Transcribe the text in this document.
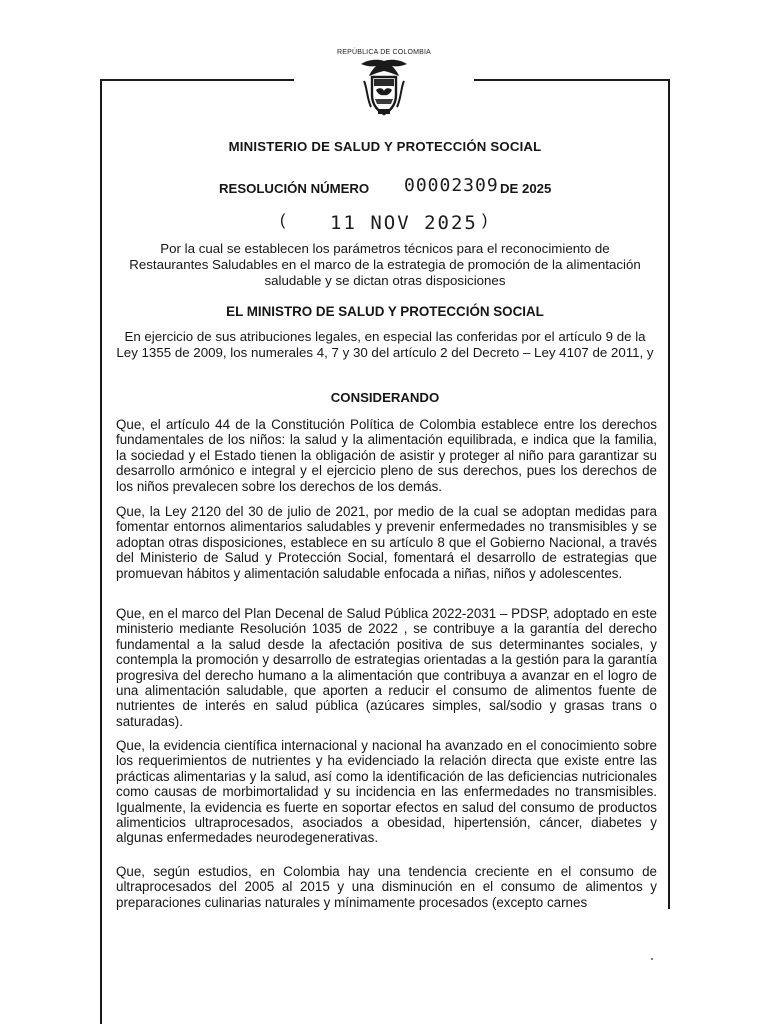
REPÚBLICA DE COLOMBIA
MINISTERIO DE SALUD Y PROTECCIÓN SOCIAL
RESOLUCIÓN NÚMERO 00002309 DE 2025
( 11 NOV 2025 )
Por la cual se establecen los parámetros técnicos para el reconocimiento de Restaurantes Saludables en el marco de la estrategia de promoción de la alimentación saludable y se dictan otras disposiciones
EL MINISTRO DE SALUD Y PROTECCIÓN SOCIAL
En ejercicio de sus atribuciones legales, en especial las conferidas por el artículo 9 de la Ley 1355 de 2009, los numerales 4, 7 y 30 del artículo 2 del Decreto – Ley 4107 de 2011, y
CONSIDERANDO

Que, el artículo 44 de la Constitución Política de Colombia establece entre los derechos fundamentales de los niños: la salud y la alimentación equilibrada, e indica que la familia, la sociedad y el Estado tienen la obligación de asistir y proteger al niño para garantizar su desarrollo armónico e integral y el ejercicio pleno de sus derechos, pues los derechos de los niños prevalecen sobre los derechos de los demás.

Que, la Ley 2120 del 30 de julio de 2021, por medio de la cual se adoptan medidas para fomentar entornos alimentarios saludables y prevenir enfermedades no transmisibles y se adoptan otras disposiciones, establece en su artículo 8 que el Gobierno Nacional, a través del Ministerio de Salud y Protección Social, fomentará el desarrollo de estrategias que promuevan hábitos y alimentación saludable enfocada a niñas, niños y adolescentes.

Que, en el marco del Plan Decenal de Salud Pública 2022-2031 – PDSP, adoptado en este ministerio mediante Resolución 1035 de 2022 , se contribuye a la garantía del derecho fundamental a la salud desde la afectación positiva de sus determinantes sociales, y contempla la promoción y desarrollo de estrategias orientadas a la gestión para la garantía progresiva del derecho humano a la alimentación que contribuya a avanzar en el logro de una alimentación saludable, que aporten a reducir el consumo de alimentos fuente de nutrientes de interés en salud pública (azúcares simples, sal/sodio y grasas trans o saturadas).

Que, la evidencia científica internacional y nacional ha avanzado en el conocimiento sobre los requerimientos de nutrientes y ha evidenciado la relación directa que existe entre las prácticas alimentarias y la salud, así como la identificación de las deficiencias nutricionales como causas de morbimortalidad y su incidencia en las enfermedades no transmisibles. Igualmente, la evidencia es fuerte en soportar efectos en salud del consumo de productos alimenticios ultraprocesados, asociados a obesidad, hipertensión, cáncer, diabetes y algunas enfermedades neurodegenerativas.

Que, según estudios, en Colombia hay una tendencia creciente en el consumo de ultraprocesados del 2005 al 2015 y una disminución en el consumo de alimentos y preparaciones culinarias naturales y mínimamente procesados (excepto carnes
